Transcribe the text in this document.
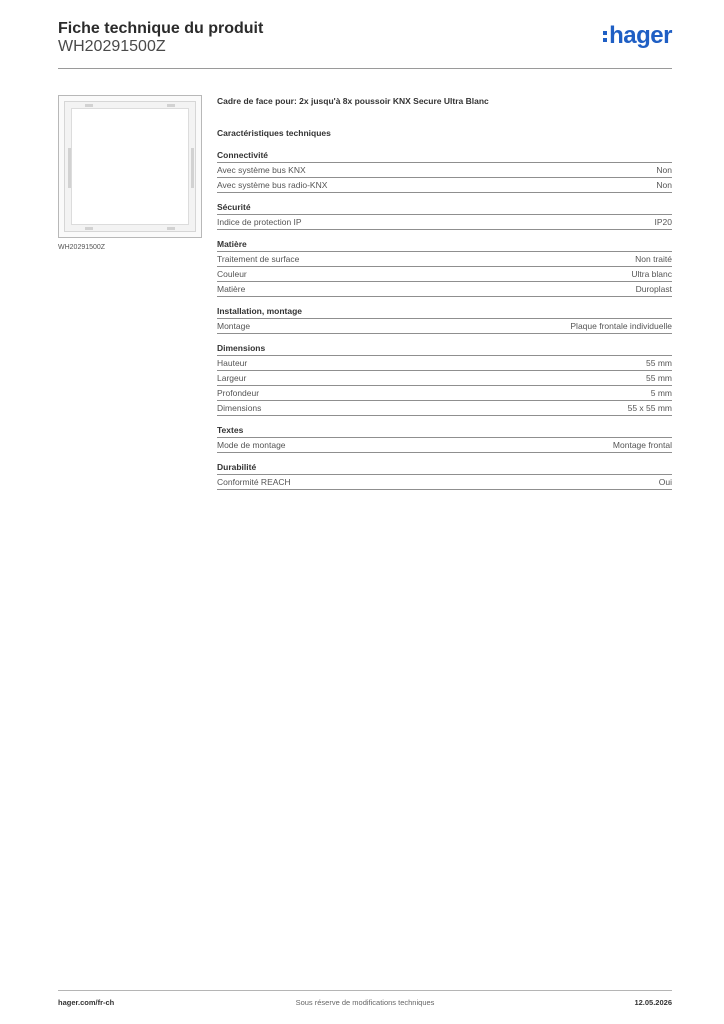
Fiche technique du produit
WH20291500Z	hager
WH20291500Z
Cadre de face pour: 2x jusqu'à 8x poussoir KNX Secure Ultra Blanc
Caractéristiques techniques
Connectivité
Avec système bus KNX	Non
Avec système bus radio-KNX	Non
Sécurité
Indice de protection IP	IP20
Matière
Traitement de surface	Non traité
Couleur	Ultra blanc
Matière	Duroplast
Installation, montage
Montage	Plaque frontale individuelle
Dimensions
Hauteur	55 mm
Largeur	55 mm
Profondeur	5 mm
Dimensions	55 x 55 mm
Textes
Mode de montage	Montage frontal
Durabilité
Conformité REACH	Oui
hager.com/fr-ch	Sous réserve de modifications techniques	12.05.2026
